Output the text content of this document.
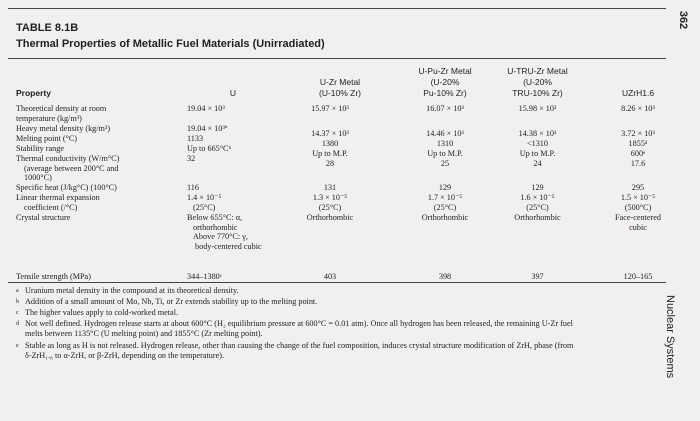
362
Nuclear Systems
TABLE 8.1B
Thermal Properties of Metallic Fuel Materials (Unirradiated)
Property	U
U-Zr Metal
(U-10% Zr)
U-Pu-Zr Metal
(U-20%
Pu-10% Zr)
U-TRU-Zr Metal
(U-20%
TRU-10% Zr)	UZrH1.6
Theoretical density at room
temperature (kg/m³)
Heavy metal density (kg/m³)
Melting point (°C)
Stability range
Thermal conductivity (W/m°C)
(average between 200°C and
1000°C)
Specific heat (J/kg°C) (100°C)
Linear thermal expansion
coefficient (/°C)
Crystal structure
Tensile strength (MPa)
19.04 × 10³
19.04 × 10³ª
1133
Up to 665°Cᵇ
32
116
1.4 × 10⁻⁵
(25°C)
Below 655°C: α,
orthorhombic
Above 770°C: γ,
body-centered cubic
344–1380ᶜ
15.97 × 10³
14.37 × 10³
1380
Up to M.P.
28
131
1.3 × 10⁻⁵
(25°C)
Orthorhombic
403
16.07 × 10³
14.46 × 10³
1310
Up to M.P.
25
129
1.7 × 10⁻⁵
(25°C)
Orthorhombic
398
15.98 × 10³
14.38 × 10³
<1310
Up to M.P.
24
129
1.6 × 10⁻⁵
(25°C)
Orthorhombic
397
8.26 × 10³
3.72 × 10³
1855ᵈ
600ᵉ
17.6
295
1.5 × 10⁻⁵
(500°C)
Face-centered
cubic
120–165
a Uranium metal density in the compound at its theoretical density.
b Addition of a small amount of Mo, Nb, Ti, or Zr extends stability up to the melting point.
c The higher values apply to cold-worked metal.
d Not well defined. Hydrogen release starts at about 600°C (H₂ equilibrium pressure at 600°C = 0.01 atm). Once all hydrogen has been released, the remaining U-Zr fuel
melts between 1135°C (U melting point) and 1855°C (Zr melting point).
e Stable as long as H is not released. Hydrogen release, other than causing the change of the fuel composition, induces crystal structure modification of ZrH, phase (from
δ-ZrH₁.₆ to α-ZrH, or β-ZrH, depending on the temperature).
